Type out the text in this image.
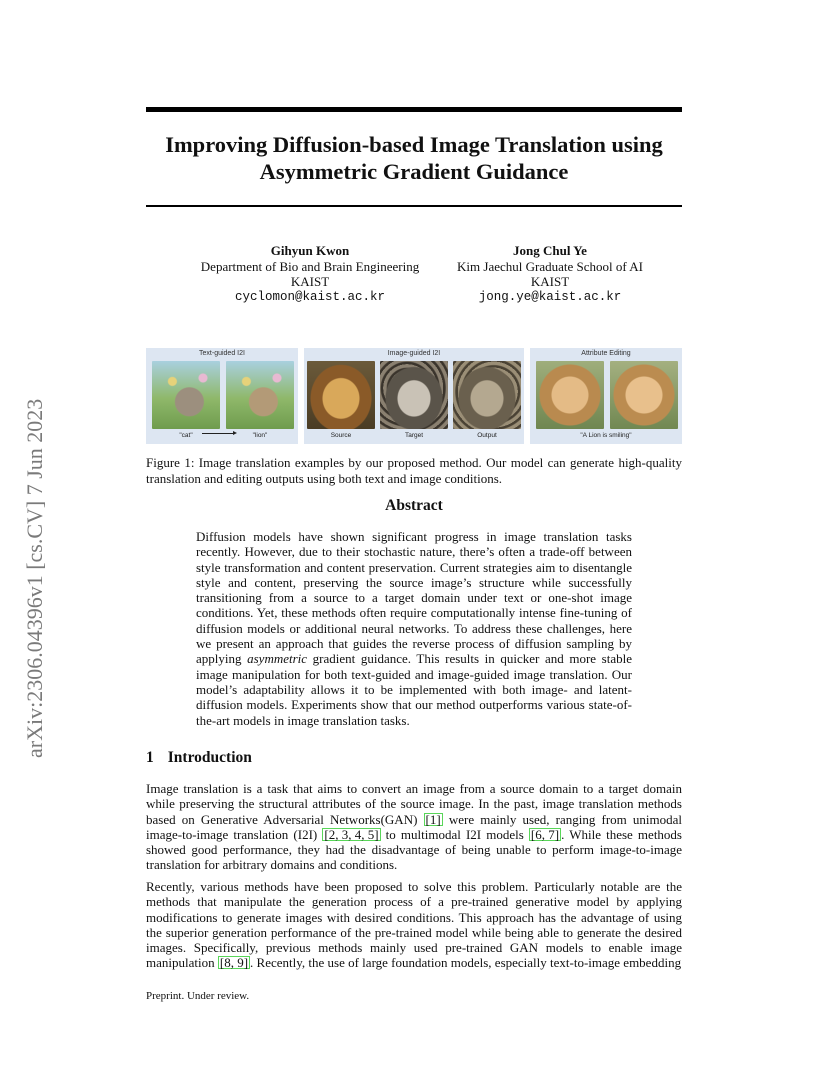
arXiv:2306.04396v1 [cs.CV] 7 Jun 2023
Improving Diffusion-based Image Translation using
Asymmetric Gradient Guidance
Gihyun Kwon
Department of Bio and Brain Engineering
KAIST
cyclomon@kaist.ac.kr
Jong Chul Ye
Kim Jaechul Graduate School of AI
KAIST
jong.ye@kaist.ac.kr
Text-guided I2I
"cat"	"lion"
Image-guided I2I
Source	Target	Output
Attribute Editing
"A Lion is smiling"
Figure 1: Image translation examples by our proposed method. Our model can generate high-quality translation and editing outputs using both text and image conditions.
Abstract
Diffusion models have shown significant progress in image translation tasks recently. However, due to their stochastic nature, there’s often a trade-off between style transformation and content preservation. Current strategies aim to disentangle style and content, preserving the source image’s structure while successfully transitioning from a source to a target domain under text or one-shot image conditions. Yet, these methods often require computationally intense fine-tuning of diffusion models or additional neural networks. To address these challenges, here we present an approach that guides the reverse process of diffusion sampling by applying asymmetric gradient guidance. This results in quicker and more stable image manipulation for both text-guided and image-guided image translation. Our model’s adaptability allows it to be implemented with both image- and latent-diffusion models. Experiments show that our method outperforms various state-of-the-art models in image translation tasks.
1 Introduction
Image translation is a task that aims to convert an image from a source domain to a target domain while preserving the structural attributes of the source image. In the past, image translation methods based on Generative Adversarial Networks(GAN) [1] were mainly used, ranging from unimodal image-to-image translation (I2I) [2, 3, 4, 5] to multimodal I2I models [6, 7] . While these methods showed good performance, they had the disadvantage of being unable to perform image-to-image translation for arbitrary domains and conditions.
Recently, various methods have been proposed to solve this problem. Particularly notable are the methods that manipulate the generation process of a pre-trained generative model by applying modifications to generate images with desired conditions. This approach has the advantage of using the superior generation performance of the pre-trained model while being able to generate the desired images. Specifically, previous methods mainly used pre-trained GAN models to enable image manipulation [8, 9] . Recently, the use of large foundation models, especially text-to-image embedding
Preprint. Under review.
